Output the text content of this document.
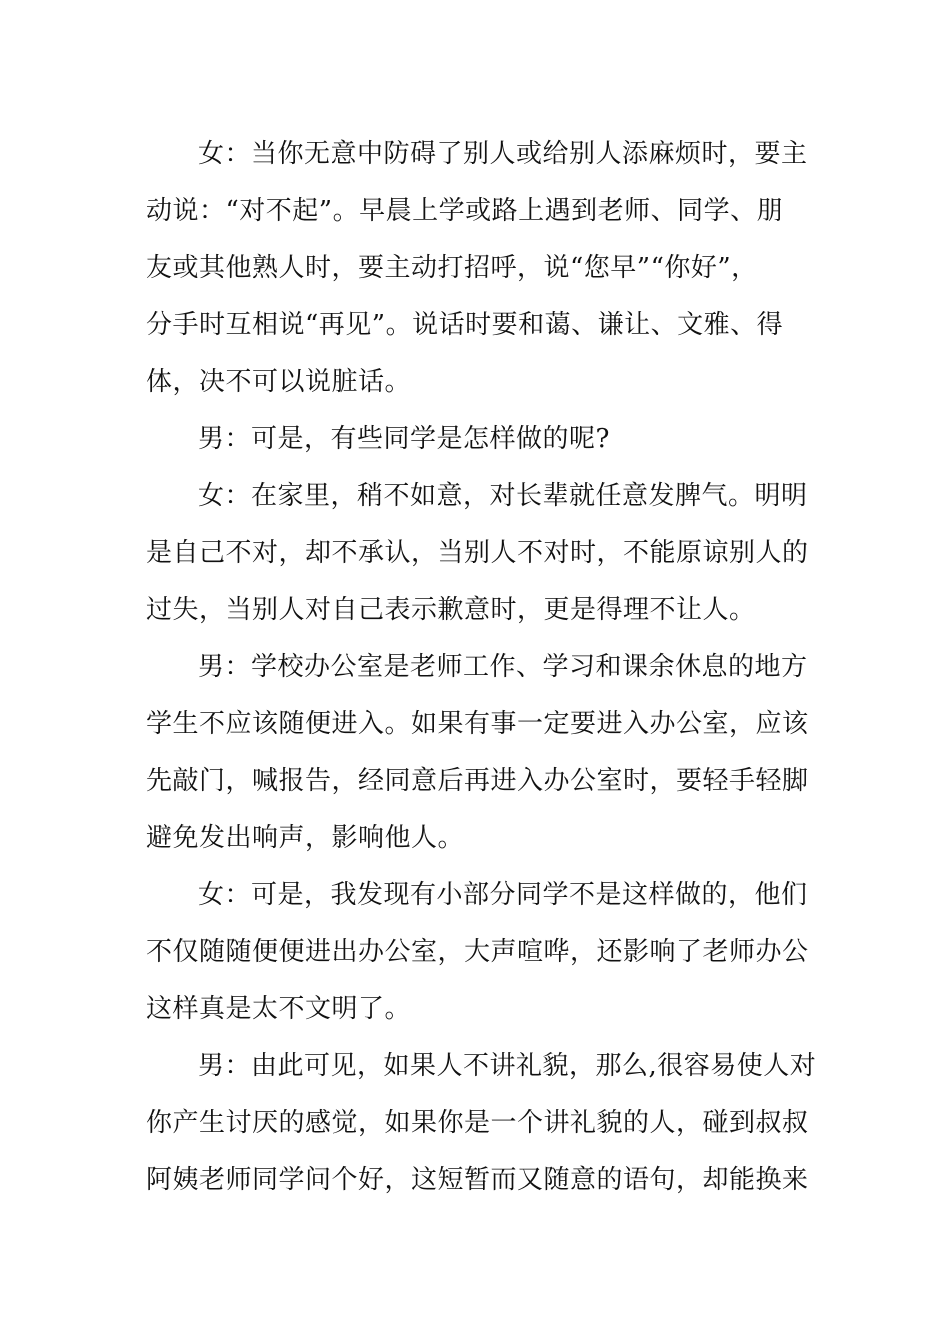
女：当你无意中防碍了别人或给别人添麻烦时，要主
动说：“对不起”。早晨上学或路上遇到老师、同学、朋
友或其他熟人时，要主动打招呼，说“您早”“你好”，
分手时互相说“再见”。说话时要和蔼、谦让、文雅、得
体，决不可以说脏话。
男：可是，有些同学是怎样做的呢?
女：在家里，稍不如意，对长辈就任意发脾气。明明
是自己不对，却不承认，当别人不对时，不能原谅别人的
过失，当别人对自己表示歉意时，更是得理不让人。
男：学校办公室是老师工作、学习和课余休息的地方
学生不应该随便进入。如果有事一定要进入办公室，应该
先敲门，喊报告，经同意后再进入办公室时，要轻手轻脚
避免发出响声，影响他人。
女：可是，我发现有小部分同学不是这样做的，他们
不仅随随便便进出办公室，大声喧哗，还影响了老师办公
这样真是太不文明了。
男：由此可见，如果人不讲礼貌，那么,很容易使人对
你产生讨厌的感觉，如果你是一个讲礼貌的人，碰到叔叔
阿姨老师同学问个好，这短暂而又随意的语句，却能换来
